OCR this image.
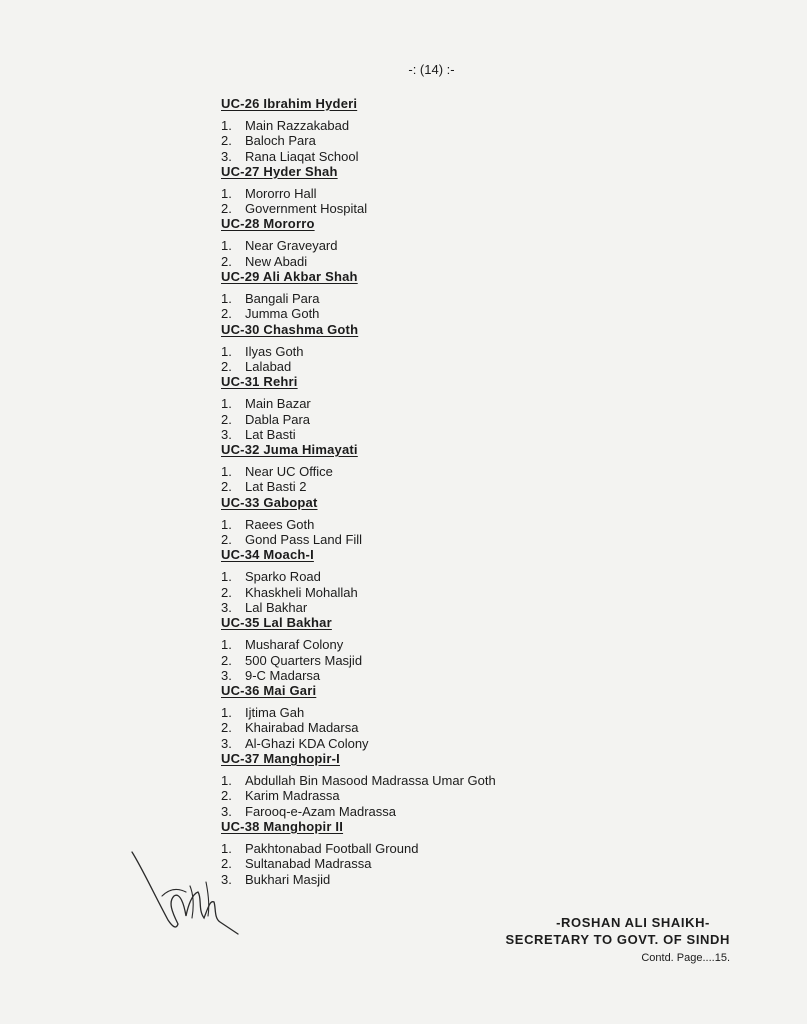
-: (14) :-
UC-26 Ibrahim Hyderi
1. Main Razzakabad
2. Baloch Para
3. Rana Liaqat School
UC-27 Hyder Shah
1. Mororro Hall
2. Government Hospital
UC-28 Mororro
1. Near Graveyard
2. New Abadi
UC-29 Ali Akbar Shah
1. Bangali Para
2. Jumma Goth
UC-30 Chashma Goth
1. Ilyas Goth
2. Lalabad
UC-31 Rehri
1. Main Bazar
2. Dabla Para
3. Lat Basti
UC-32 Juma Himayati
1. Near UC Office
2. Lat Basti 2
UC-33 Gabopat
1. Raees Goth
2. Gond Pass Land Fill
UC-34 Moach-I
1. Sparko Road
2. Khaskheli Mohallah
3. Lal Bakhar
UC-35 Lal Bakhar
1. Musharaf Colony
2. 500 Quarters Masjid
3. 9-C Madarsa
UC-36 Mai Gari
1. Ijtima Gah
2. Khairabad Madarsa
3. Al-Ghazi KDA Colony
UC-37 Manghopir-I
1. Abdullah Bin Masood Madrassa Umar Goth
2. Karim Madrassa
3. Farooq-e-Azam Madrassa
UC-38 Manghopir II
1. Pakhtonabad Football Ground
2. Sultanabad Madrassa
3. Bukhari Masjid
-ROSHAN ALI SHAIKH-
SECRETARY TO GOVT. OF SINDH
Contd. Page....15.
